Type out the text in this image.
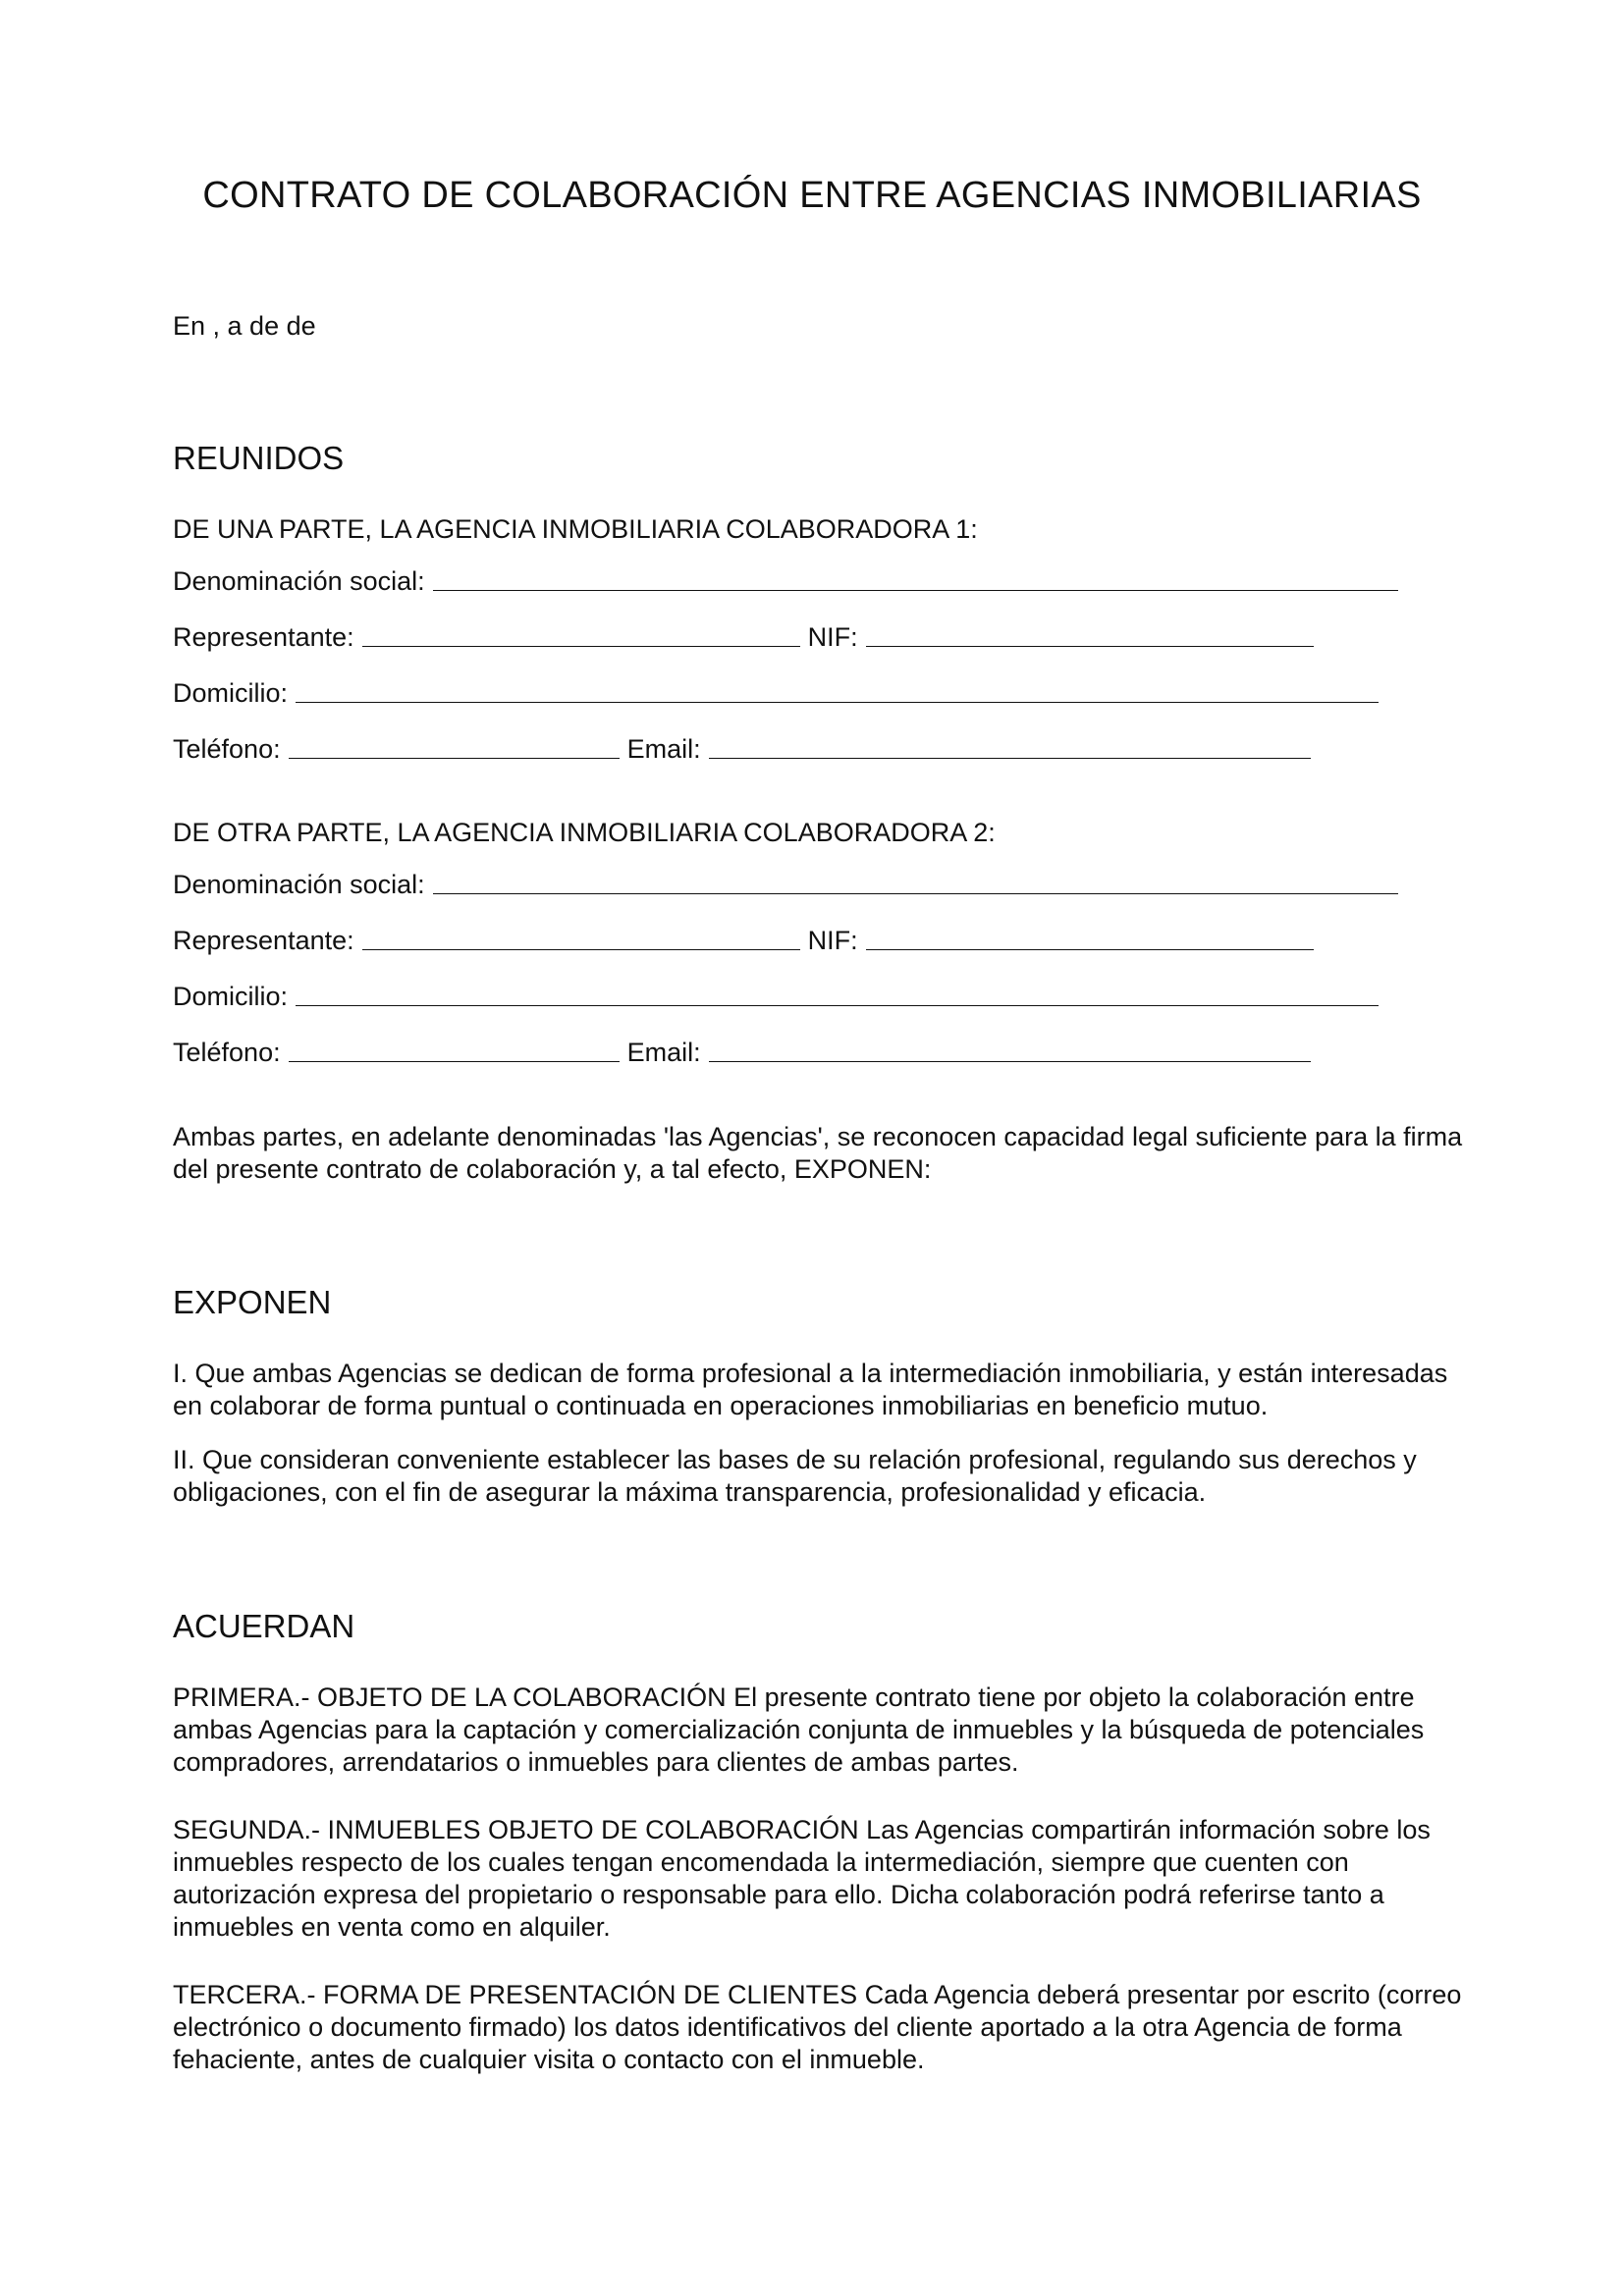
CONTRATO DE COLABORACIÓN ENTRE AGENCIAS INMOBILIARIAS

En , a de de

REUNIDOS

DE UNA PARTE, LA AGENCIA INMOBILIARIA COLABORADORA 1:

Denominación social:
Representante:	NIF:
Domicilio:
Teléfono:	Email:

DE OTRA PARTE, LA AGENCIA INMOBILIARIA COLABORADORA 2:

Denominación social:
Representante:	NIF:
Domicilio:
Teléfono:	Email:

Ambas partes, en adelante denominadas 'las Agencias', se reconocen capacidad legal suficiente para la firma del presente contrato de colaboración y, a tal efecto, EXPONEN:

EXPONEN

I. Que ambas Agencias se dedican de forma profesional a la intermediación inmobiliaria, y están interesadas en colaborar de forma puntual o continuada en operaciones inmobiliarias en beneficio mutuo.

II. Que consideran conveniente establecer las bases de su relación profesional, regulando sus derechos y obligaciones, con el fin de asegurar la máxima transparencia, profesionalidad y eficacia.

ACUERDAN

PRIMERA.- OBJETO DE LA COLABORACIÓN El presente contrato tiene por objeto la colaboración entre ambas Agencias para la captación y comercialización conjunta de inmuebles y la búsqueda de potenciales compradores, arrendatarios o inmuebles para clientes de ambas partes.

SEGUNDA.- INMUEBLES OBJETO DE COLABORACIÓN Las Agencias compartirán información sobre los inmuebles respecto de los cuales tengan encomendada la intermediación, siempre que cuenten con autorización expresa del propietario o responsable para ello. Dicha colaboración podrá referirse tanto a inmuebles en venta como en alquiler.

TERCERA.- FORMA DE PRESENTACIÓN DE CLIENTES Cada Agencia deberá presentar por escrito (correo electrónico o documento firmado) los datos identificativos del cliente aportado a la otra Agencia de forma fehaciente, antes de cualquier visita o contacto con el inmueble.
